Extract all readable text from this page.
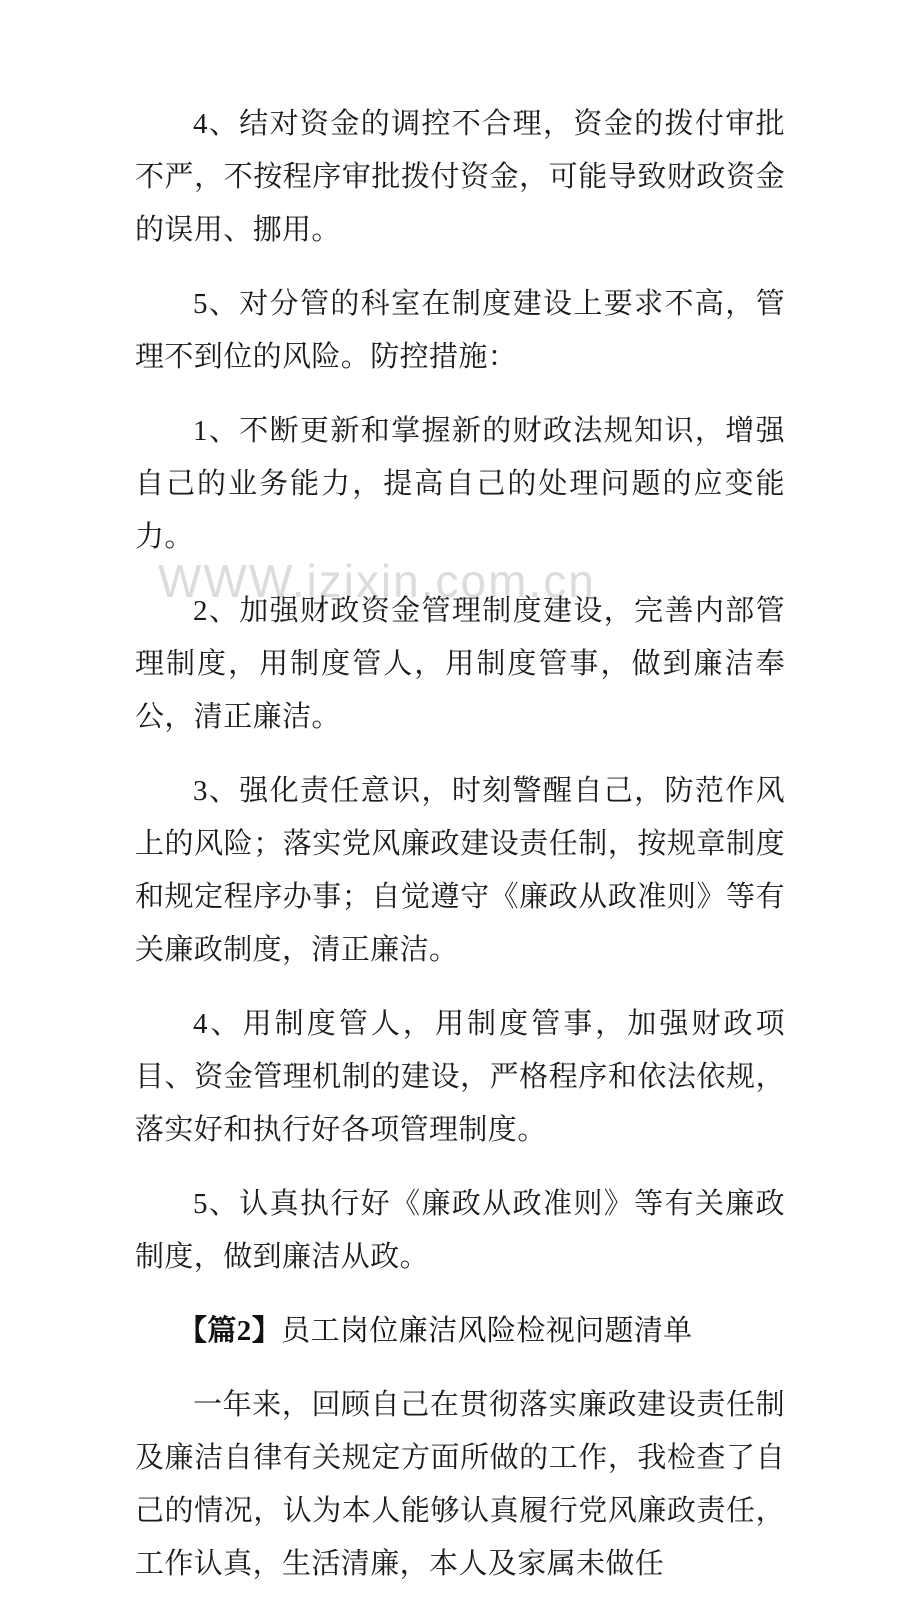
WWW.izixin.com.cn

4、结对资金的调控不合理，资金的拨付审批不严，不按程序审批拨付资金，可能导致财政资金的误用、挪用。

5、对分管的科室在制度建设上要求不高，管理不到位的风险。防控措施：

1、不断更新和掌握新的财政法规知识，增强自己的业务能力，提高自己的处理问题的应变能力。

2、加强财政资金管理制度建设，完善内部管理制度，用制度管人，用制度管事，做到廉洁奉公，清正廉洁。

3、强化责任意识，时刻警醒自己，防范作风上的风险；落实党风廉政建设责任制，按规章制度和规定程序办事；自觉遵守《廉政从政准则》等有关廉政制度，清正廉洁。

4、用制度管人，用制度管事，加强财政项目、资金管理机制的建设，严格程序和依法依规，落实好和执行好各项管理制度。

5、认真执行好《廉政从政准则》等有关廉政制度，做到廉洁从政。

【篇2】员工岗位廉洁风险检视问题清单

一年来，回顾自己在贯彻落实廉政建设责任制及廉洁自律有关规定方面所做的工作，我检查了自己的情况，认为本人能够认真履行党风廉政责任，工作认真，生活清廉，本人及家属未做任
